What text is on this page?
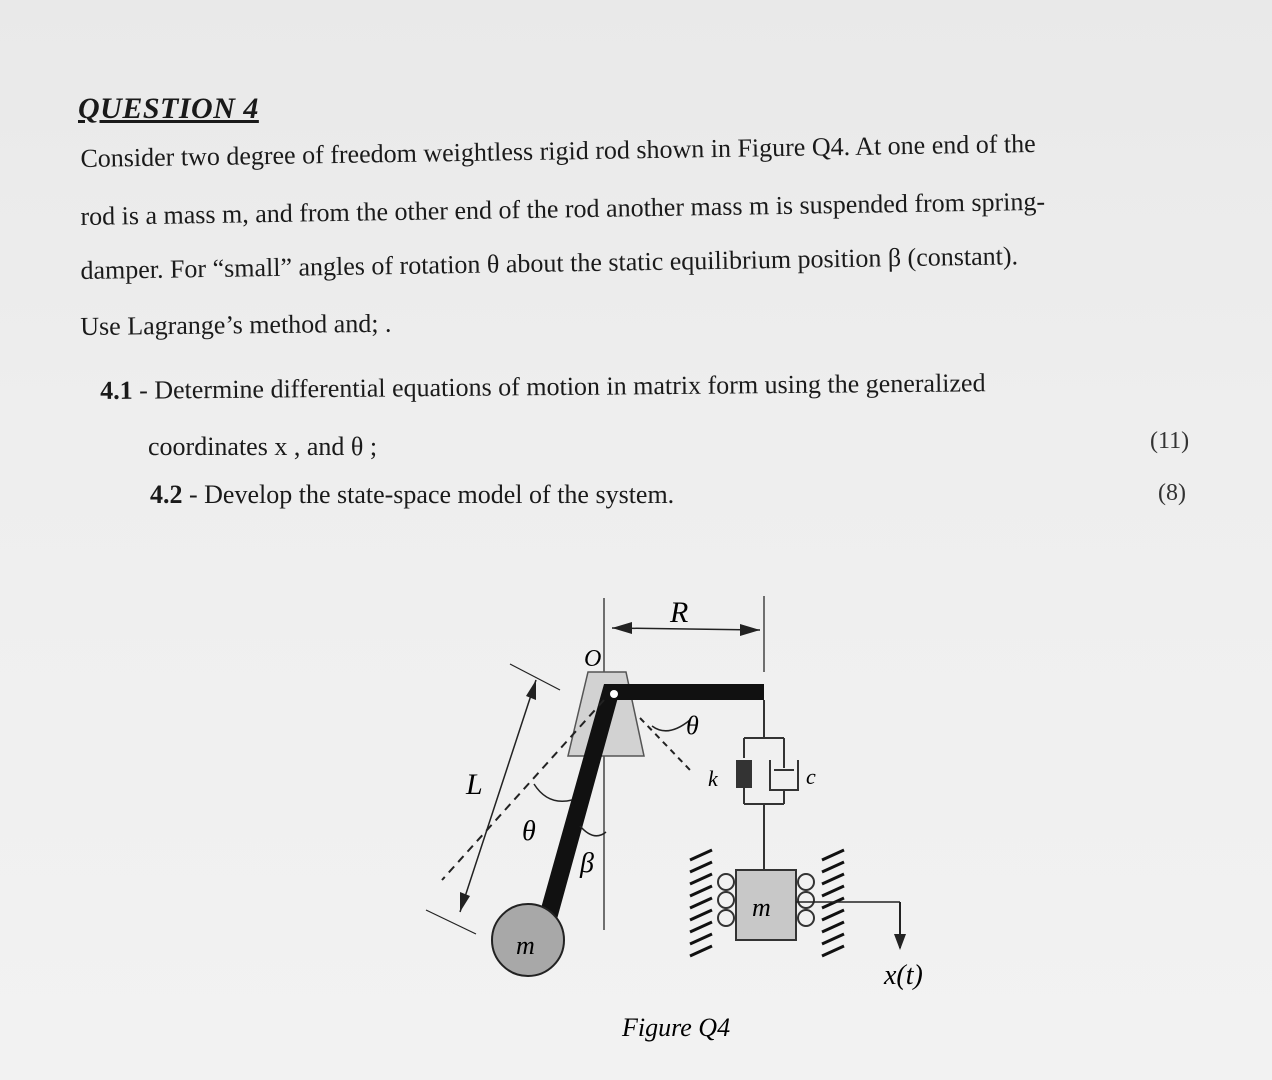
QUESTION 4

Consider two degree of freedom weightless rigid rod shown in Figure Q4. At one end of the

rod is a mass m, and from the other end of the rod another mass m is suspended from spring-

damper. For “small” angles of rotation θ about the static equilibrium position β (constant).

Use Lagrange’s method and; .

4.1 - Determine differential equations of motion in matrix form using the generalized
coordinates x , and θ ;	(11)
4.2 - Develop the state-space model of the system.	(8)
R
O
θ
L
θ
β
m
k	c
m
x(t)
Figure Q4
